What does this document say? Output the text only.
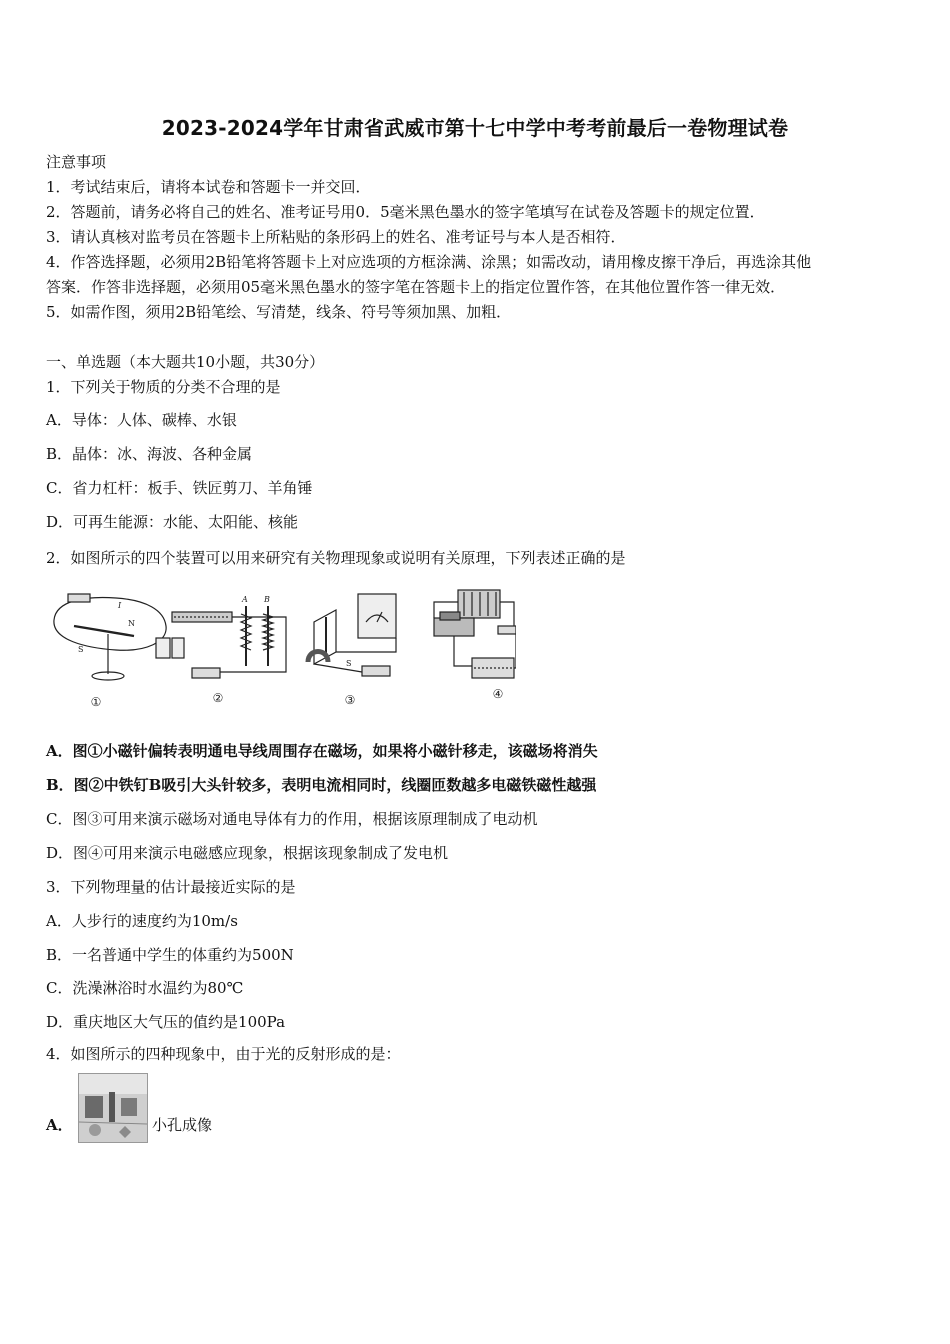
2023-2024学年甘肃省武威市第十七中学中考考前最后一卷物理试卷
注意事项
1．考试结束后，请将本试卷和答题卡一并交回．
2．答题前，请务必将自己的姓名、准考证号用0．5毫米黑色墨水的签字笔填写在试卷及答题卡的规定位置．
3．请认真核对监考员在答题卡上所粘贴的条形码上的姓名、准考证号与本人是否相符．
4．作答选择题，必须用2B铅笔将答题卡上对应选项的方框涂满、涂黑；如需改动，请用橡皮擦干净后，再选涂其他
答案．作答非选择题，必须用05毫米黑色墨水的签字笔在答题卡上的指定位置作答，在其他位置作答一律无效．
5．如需作图，须用2B铅笔绘、写清楚，线条、符号等须加黑、加粗．
一、单选题（本大题共10小题，共30分）
1．下列关于物质的分类不合理的是
A．导体：人体、碳棒、水银
B．晶体：冰、海波、各种金属
C．省力杠杆：板手、铁匠剪刀、羊角锤
D．可再生能源：水能、太阳能、核能
2．如图所示的四个装置可以用来研究有关物理现象或说明有关原理，下列表述正确的是
S
N
I
A B
S
①	②	③	④
A．图①小磁针偏转表明通电导线周围存在磁场，如果将小磁针移走，该磁场将消失
B．图②中铁钉B吸引大头针较多，表明电流相同时，线圈匝数越多电磁铁磁性越强
C．图③可用来演示磁场对通电导体有力的作用，根据该原理制成了电动机
D．图④可用来演示电磁感应现象，根据该现象制成了发电机
3．下列物理量的估计最接近实际的是
A．人步行的速度约为10m/s
B．一名普通中学生的体重约为500N
C．洗澡淋浴时水温约为80℃
D．重庆地区大气压的值约是100Pa
4．如图所示的四种现象中，由于光的反射形成的是：
A．	小孔成像
